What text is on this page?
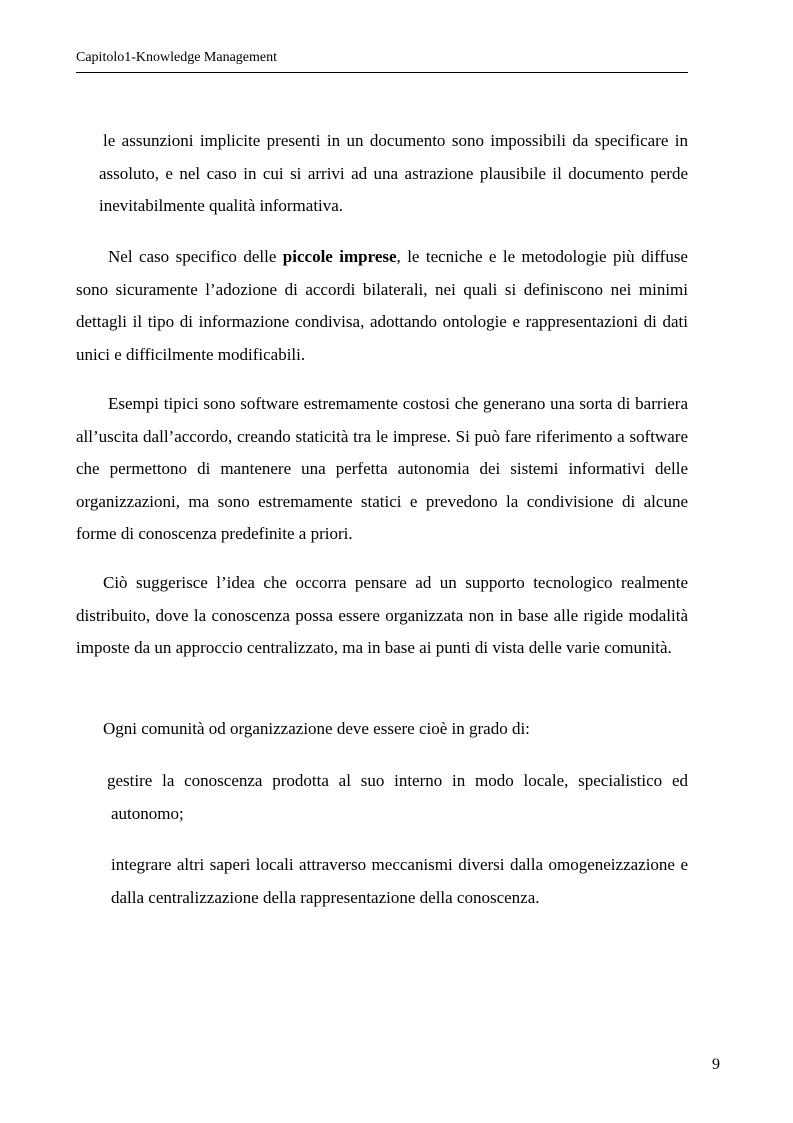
Capitolo1-Knowledge Management

le assunzioni implicite presenti in un documento sono impossibili da specificare in assoluto, e nel caso in cui si arrivi ad una astrazione plausibile il documento perde inevitabilmente qualità informativa.

Nel caso specifico delle piccole imprese, le tecniche e le metodologie più diffuse sono sicuramente l’adozione di accordi bilaterali, nei quali si definiscono nei minimi dettagli il tipo di informazione condivisa, adottando ontologie e rappresentazioni di dati unici e difficilmente modificabili.

Esempi tipici sono software estremamente costosi che generano una sorta di barriera all’uscita dall’accordo, creando staticità tra le imprese. Si può fare riferimento a software che permettono di mantenere una perfetta autonomia dei sistemi informativi delle organizzazioni, ma sono estremamente statici e prevedono la condivisione di alcune forme di conoscenza predefinite a priori.

Ciò suggerisce l’idea che occorra pensare ad un supporto tecnologico realmente distribuito, dove la conoscenza possa essere organizzata non in base alle rigide modalità imposte da un approccio centralizzato, ma in base ai punti di vista delle varie comunità.

Ogni comunità od organizzazione deve essere cioè in grado di:

gestire la conoscenza prodotta al suo interno in modo locale, specialistico ed autonomo;

integrare altri saperi locali attraverso meccanismi diversi dalla omogeneizzazione e dalla centralizzazione della rappresentazione della conoscenza.

9
